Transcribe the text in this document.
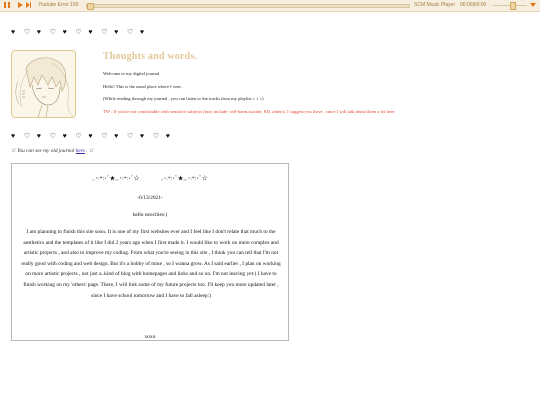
Youtube Error 150	SCM Music Player 00:00|00:00
♥ ♡ ♥ ♡ ♥ ♡ ♥ ♡ ♥ ♡ ♥
Thoughts and words.

Welcome to my digital journal.

Hello! This is the usual place where I vent .

(While reading through my journal , you can listen to the tracks from my playlist ♪ ♪ ♪)

TW : If you're not comfortable with sensitive subjects (may include: self-harm,suicide, ED, others). I suggest you leave , since I will talk about them a lot here.

♥ ♡ ♥ ♡ ♥ ♡ ♥ ♡ ♥ ♡ ♥ ♡ ♥
☆ You can see my old journal here . ☆
｡･:*:･ﾟ★,｡･:*:･ﾟ☆	｡･:*:･ﾟ★,｡･:*:･ﾟ☆
-6/13/2021-
hello neocities:)
I am planning to finish this site soon. It is one of my first websites ever and I feel like I don't relate that much to the aesthetics and the templates of it like I did 2 years ago when I first made it. I would like to work on more complex and artistic projects , and also to improve my coding. From what you're seeing in this site , I think you can tell that I'm not really good with coding and web design. But it's a hobby of mine , so I wanna grow. As I said earlier , I plan on working on more artistic projects , not just a..kind of blog with homepages and links and so on. I'm not leaving yet:) I have to finish working on my 'others' page. There, I will link some of my future projects too. I'll keep you more updated later , since I have school tomorrow and I have to fall asleep:)
xoxo
